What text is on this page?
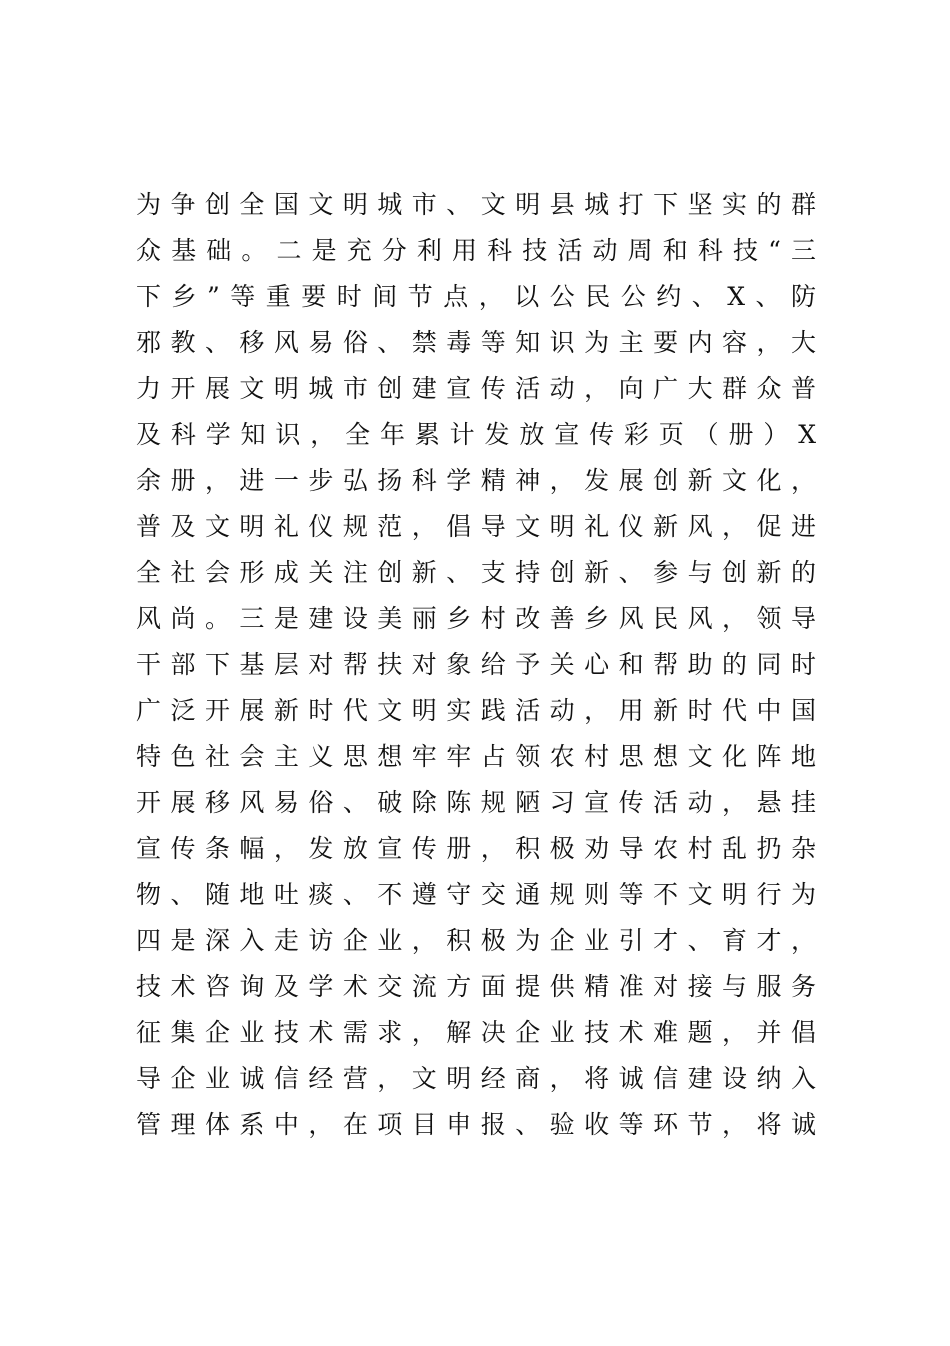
为争创全国文明城市、文明县城打下坚实的群
众基础。二是充分利用科技活动周和科技“三
下乡”等重要时间节点，以公民公约、X、防
邪教、移风易俗、禁毒等知识为主要内容，大
力开展文明城市创建宣传活动，向广大群众普
及科学知识，全年累计发放宣传彩页（册）X
余册，进一步弘扬科学精神，发展创新文化，
普及文明礼仪规范，倡导文明礼仪新风，促进
全社会形成关注创新、支持创新、参与创新的
风尚。三是建设美丽乡村改善乡风民风，领导
干部下基层对帮扶对象给予关心和帮助的同时
广泛开展新时代文明实践活动，用新时代中国
特色社会主义思想牢牢占领农村思想文化阵地
开展移风易俗、破除陈规陋习宣传活动，悬挂
宣传条幅，发放宣传册，积极劝导农村乱扔杂
物、随地吐痰、不遵守交通规则等不文明行为
四是深入走访企业，积极为企业引才、育才，
技术咨询及学术交流方面提供精准对接与服务
征集企业技术需求，解决企业技术难题，并倡
导企业诚信经营，文明经商，将诚信建设纳入
管理体系中，在项目申报、验收等环节，将诚
